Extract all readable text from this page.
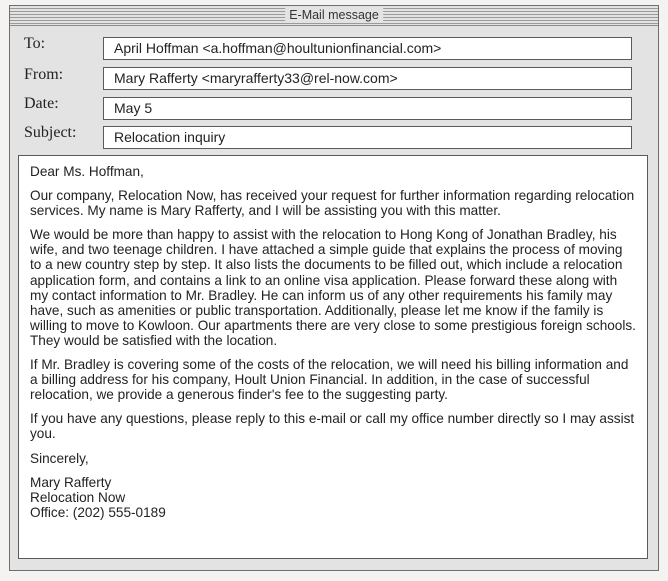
E-Mail message
To:	April Hoffman <a.hoffman@houltunionfinancial.com>
From:	Mary Rafferty <maryrafferty33@rel-now.com>
Date:	May 5
Subject:	Relocation inquiry

Dear Ms. Hoffman,

Our company, Relocation Now, has received your request for further information regarding relocation services. My name is Mary Rafferty, and I will be assisting you with this matter.

We would be more than happy to assist with the relocation to Hong Kong of Jonathan Bradley, his wife, and two teenage children. I have attached a simple guide that explains the process of moving to a new country step by step. It also lists the documents to be filled out, which include a relocation application form, and contains a link to an online visa application. Please forward these along with my contact information to Mr. Bradley. He can inform us of any other requirements his family may have, such as amenities or public transportation. Additionally, please let me know if the family is willing to move to Kowloon. Our apartments there are very close to some prestigious foreign schools. They would be satisfied with the location.

If Mr. Bradley is covering some of the costs of the relocation, we will need his billing information and a billing address for his company, Hoult Union Financial. In addition, in the case of successful relocation, we provide a generous finder's fee to the suggesting party.

If you have any questions, please reply to this e-mail or call my office number directly so I may assist you.

Sincerely,

Mary Rafferty
Relocation Now
Office: (202) 555-0189
